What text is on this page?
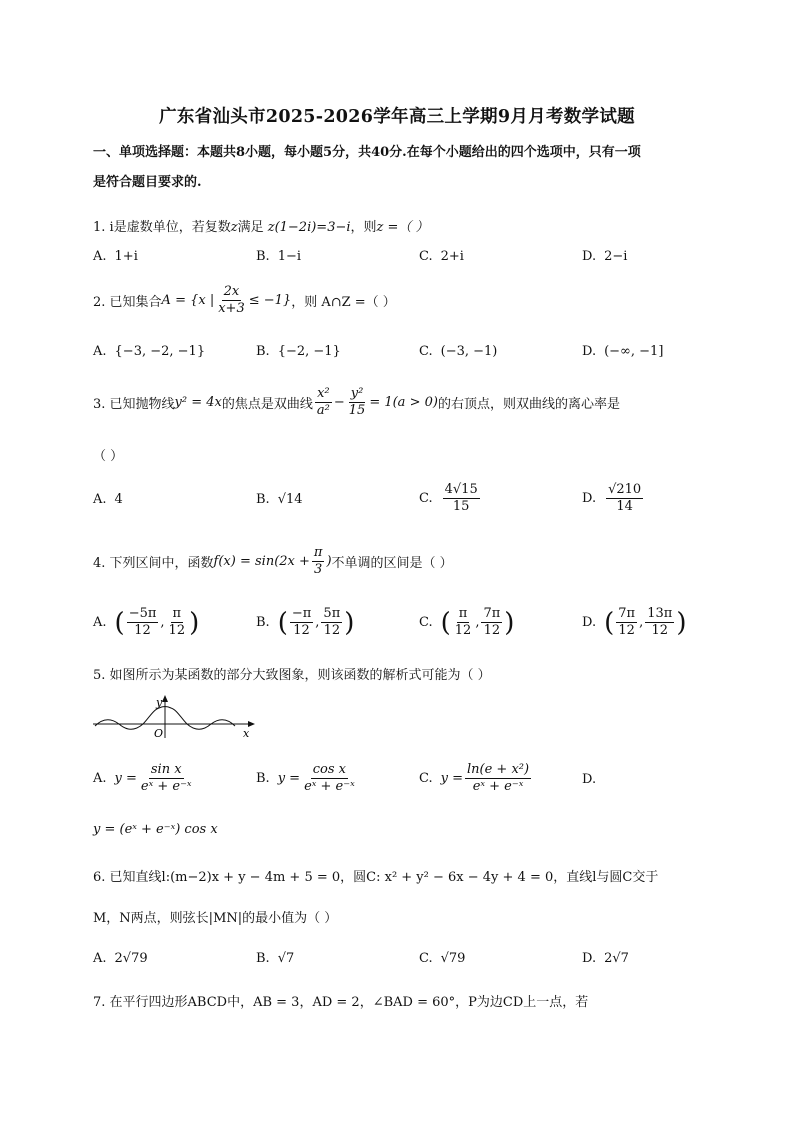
广东省汕头市2025-2026学年高三上学期9月月考数学试题
一、单项选择题：本题共8小题，每小题5分，共40分.在每个小题给出的四个选项中，只有一项
是符合题目要求的.
1. i是虚数单位，若复数z满足 z(1−2i)=3−i，则z =（ ）
A. 1+i	B. 1−i	C. 2+i	D. 2−i
2. 已知集合 A = {x | $\frac{2x}{x+3} \le -1$} ，则 A∩Z =（ ）
A. {−3, −2, −1}	B. {−2, −1}	C. (−3, −1)	D. (−∞, −1]
3. 已知抛物线 y² = 4x 的焦点是双曲线 $\frac{\text{x²}}{\text{a²}} - \frac{\text{y²}}{15} = 1(a > 0)$ 的右顶点，则双曲线的离心率是
（ ）
A. 4	B. √14	C. $\frac{4√15}{15}$	D. $\frac{√210}{14}$
4. 下列区间中，函数 $f(x) = \sin(2x + \frac{\pi}{3}$ ) 不单调的区间是（ ）
A. ( $\frac{-5\pi}{12}$ , $\frac{\pi}{12}$ )	B. ( $\frac{-\pi}{12}$ , $\frac{5\pi}{12}$ )	C. ( $\frac{\pi}{12}$ , $\frac{7\pi}{12}$ )	D. ( $\frac{7\pi}{12}$ , $\frac{13\pi}{12}$ )
5. 如图所示为某函数的部分大致图象，则该函数的解析式可能为（ ）
y
O	x
A. $y = \frac{\text{sin x}}{\text{eˣ + e⁻ˣ}}$	B. $y = \frac{\text{cos x}}{\text{eˣ + e⁻ˣ}}$	C. $y = \frac{\text{ln(e + x²)}}{\text{eˣ + e⁻ˣ}}$	D.
y = (eˣ + e⁻ˣ) cos x
6. 已知直线l:(m−2)x + y − 4m + 5 = 0，圆C: x² + y² − 6x − 4y + 4 = 0，直线l与圆C交于
M，N两点，则弦长|MN|的最小值为（ ）
A. 2√79	B. √7	C. √79	D. 2√7
7. 在平行四边形ABCD中，AB = 3，AD = 2，∠BAD = 60°，P为边CD上一点，若
